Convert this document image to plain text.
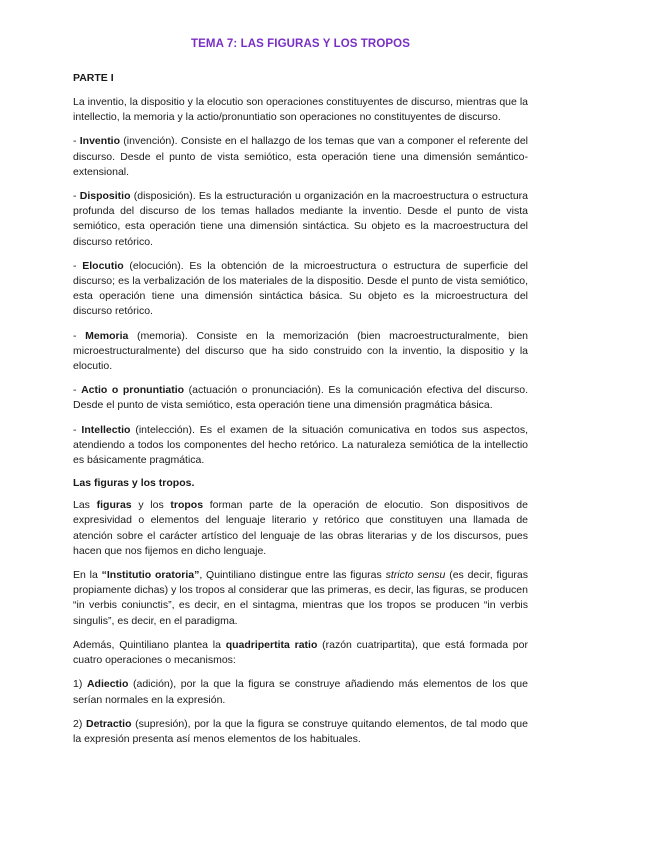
TEMA 7: LAS FIGURAS Y LOS TROPOS
PARTE I

La inventio, la dispositio y la elocutio son operaciones constituyentes de discurso, mientras que la intellectio, la memoria y la actio/pronuntiatio son operaciones no constituyentes de discurso.

- Inventio (invención). Consiste en el hallazgo de los temas que van a componer el referente del discurso. Desde el punto de vista semiótico, esta operación tiene una dimensión semántico-extensional.

- Dispositio (disposición). Es la estructuración u organización en la macroestructura o estructura profunda del discurso de los temas hallados mediante la inventio. Desde el punto de vista semiótico, esta operación tiene una dimensión sintáctica. Su objeto es la macroestructura del discurso retórico.

- Elocutio (elocución). Es la obtención de la microestructura o estructura de superficie del discurso; es la verbalización de los materiales de la dispositio. Desde el punto de vista semiótico, esta operación tiene una dimensión sintáctica básica. Su objeto es la microestructura del discurso retórico.

- Memoria (memoria). Consiste en la memorización (bien macroestructuralmente, bien microestructuralmente) del discurso que ha sido construido con la inventio, la dispositio y la elocutio.

- Actio o pronuntiatio (actuación o pronunciación). Es la comunicación efectiva del discurso. Desde el punto de vista semiótico, esta operación tiene una dimensión pragmática básica.

- Intellectio (intelección). Es el examen de la situación comunicativa en todos sus aspectos, atendiendo a todos los componentes del hecho retórico. La naturaleza semiótica de la intellectio es básicamente pragmática.

Las figuras y los tropos.

Las figuras y los tropos forman parte de la operación de elocutio. Son dispositivos de expresividad o elementos del lenguaje literario y retórico que constituyen una llamada de atención sobre el carácter artístico del lenguaje de las obras literarias y de los discursos, pues hacen que nos fijemos en dicho lenguaje.

En la “Institutio oratoria”, Quintiliano distingue entre las figuras stricto sensu (es decir, figuras propiamente dichas) y los tropos al considerar que las primeras, es decir, las figuras, se producen “in verbis coniunctis”, es decir, en el sintagma, mientras que los tropos se producen “in verbis singulis”, es decir, en el paradigma.

Además, Quintiliano plantea la quadripertita ratio (razón cuatripartita), que está formada por cuatro operaciones o mecanismos:

1) Adiectio (adición), por la que la figura se construye añadiendo más elementos de los que serían normales en la expresión.

2) Detractio (supresión), por la que la figura se construye quitando elementos, de tal modo que la expresión presenta así menos elementos de los habituales.
